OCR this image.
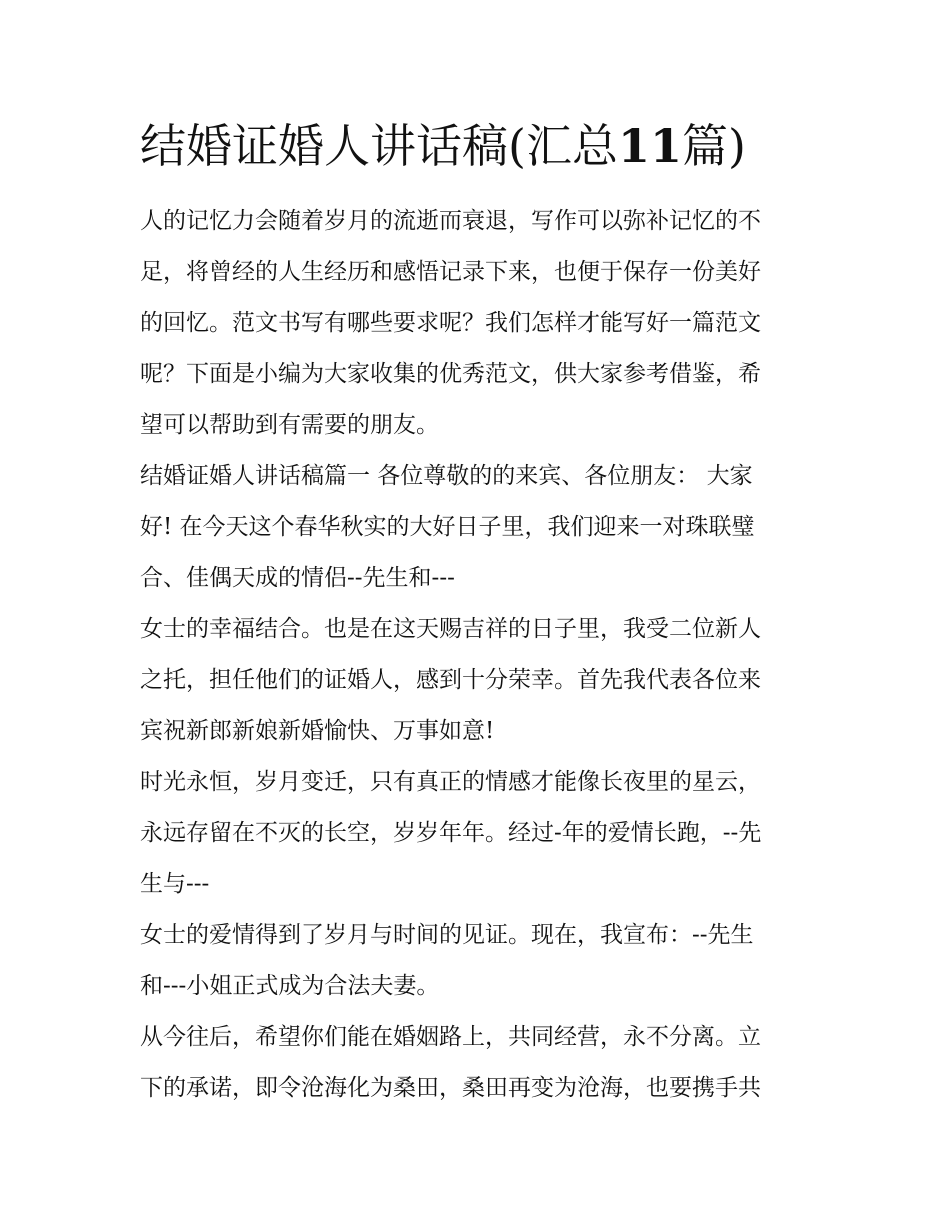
结婚证婚人讲话稿(汇总11篇)
人的记忆力会随着岁月的流逝而衰退，写作可以弥补记忆的不
足，将曾经的人生经历和感悟记录下来，也便于保存一份美好
的回忆。范文书写有哪些要求呢？我们怎样才能写好一篇范文
呢？下面是小编为大家收集的优秀范文，供大家参考借鉴，希
望可以帮助到有需要的朋友。
结婚证婚人讲话稿篇一 各位尊敬的的来宾、各位朋友： 大家
好! 在今天这个春华秋实的大好日子里，我们迎来一对珠联璧
合、佳偶天成的情侣--先生和---
女士的幸福结合。也是在这天赐吉祥的日子里，我受二位新人
之托，担任他们的证婚人，感到十分荣幸。首先我代表各位来
宾祝新郎新娘新婚愉快、万事如意!
时光永恒，岁月变迁，只有真正的情感才能像长夜里的星云，
永远存留在不灭的长空，岁岁年年。经过-年的爱情长跑，--先
生与---
女士的爱情得到了岁月与时间的见证。现在，我宣布：--先生
和---小姐正式成为合法夫妻。
从今往后，希望你们能在婚姻路上，共同经营，永不分离。立
下的承诺，即令沧海化为桑田，桑田再变为沧海，也要携手共
